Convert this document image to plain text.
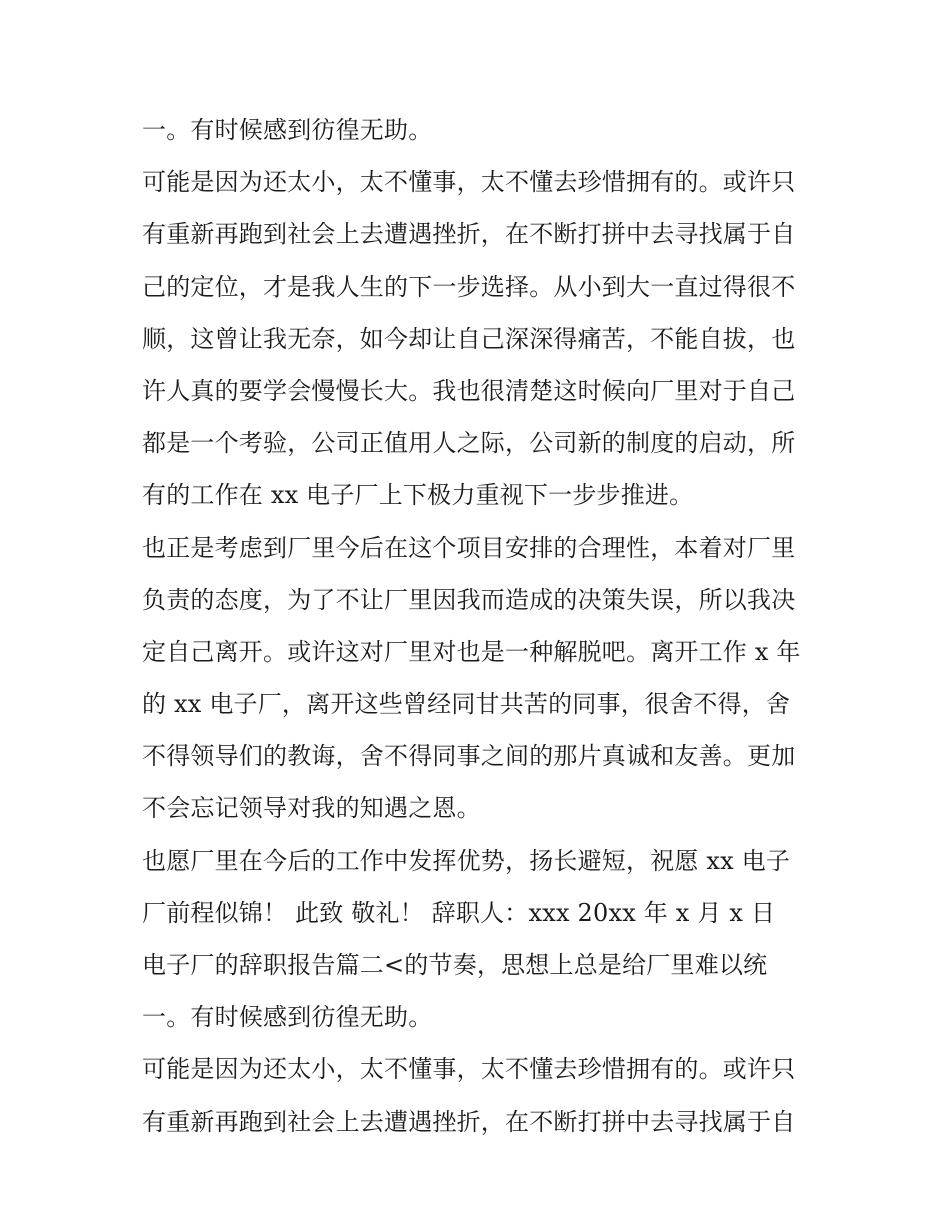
一。有时候感到彷徨无助。
可能是因为还太小，太不懂事，太不懂去珍惜拥有的。或许只
有重新再跑到社会上去遭遇挫折，在不断打拼中去寻找属于自
己的定位，才是我人生的下一步选择。从小到大一直过得很不
顺，这曾让我无奈，如今却让自己深深得痛苦，不能自拔，也
许人真的要学会慢慢长大。我也很清楚这时候向厂里对于自己
都是一个考验，公司正值用人之际，公司新的制度的启动，所
有的工作在 xx 电子厂上下极力重视下一步步推进。
也正是考虑到厂里今后在这个项目安排的合理性，本着对厂里
负责的态度，为了不让厂里因我而造成的决策失误，所以我决
定自己离开。或许这对厂里对也是一种解脱吧。离开工作 x 年
的 xx 电子厂，离开这些曾经同甘共苦的同事，很舍不得，舍
不得领导们的教诲，舍不得同事之间的那片真诚和友善。更加
不会忘记领导对我的知遇之恩。
也愿厂里在今后的工作中发挥优势，扬长避短，祝愿 xx 电子
厂前程似锦！ 此致 敬礼！ 辞职人：xxx 20xx 年 x 月 x 日
电子厂的辞职报告篇二<的节奏，思想上总是给厂里难以统
一。有时候感到彷徨无助。
可能是因为还太小，太不懂事，太不懂去珍惜拥有的。或许只
有重新再跑到社会上去遭遇挫折，在不断打拼中去寻找属于自
